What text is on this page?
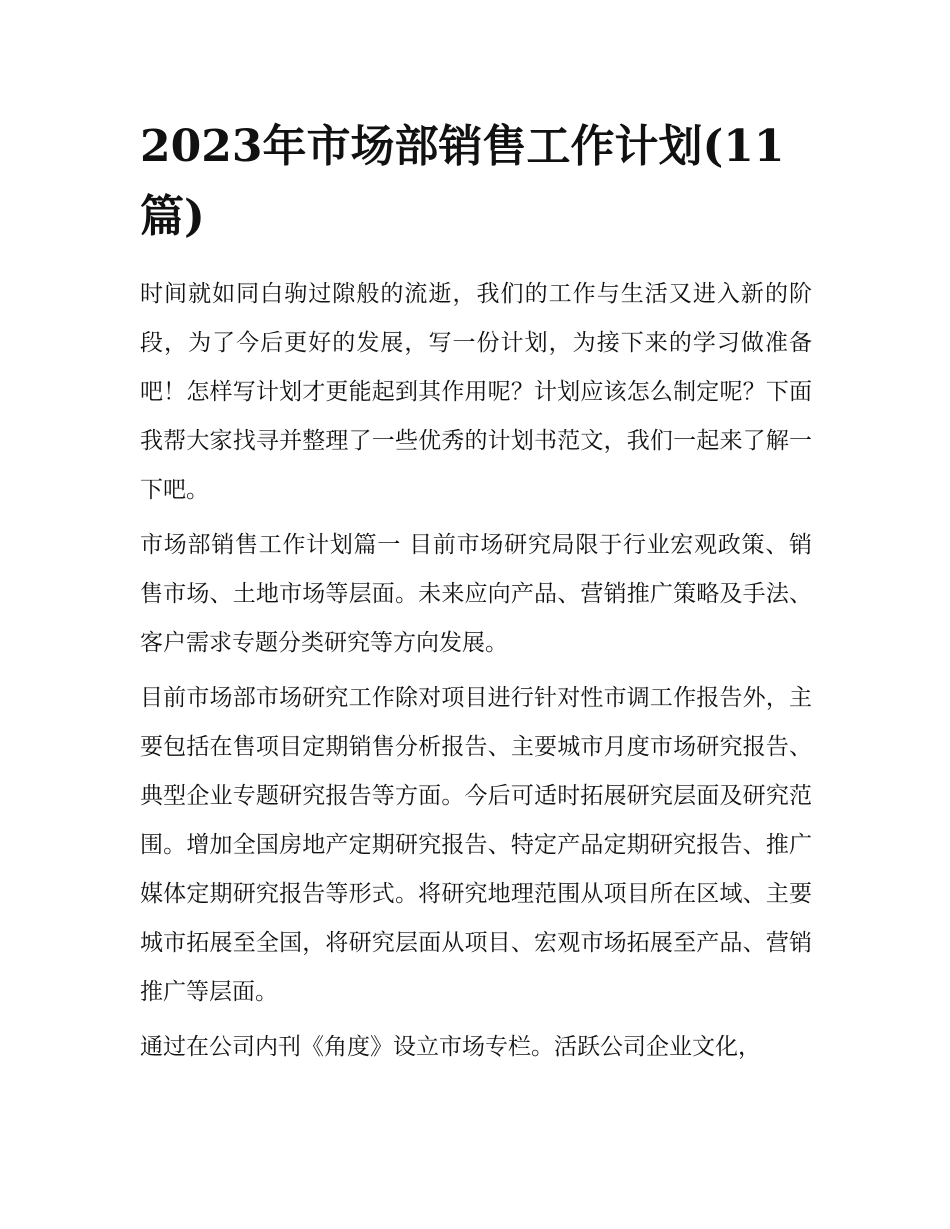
2023年市场部销售工作计划(11篇)

时间就如同白驹过隙般的流逝，我们的工作与生活又进入新的阶段，为了今后更好的发展，写一份计划，为接下来的学习做准备吧！怎样写计划才更能起到其作用呢？计划应该怎么制定呢？下面我帮大家找寻并整理了一些优秀的计划书范文，我们一起来了解一下吧。

市场部销售工作计划篇一 目前市场研究局限于行业宏观政策、销售市场、土地市场等层面。未来应向产品、营销推广策略及手法、客户需求专题分类研究等方向发展。

目前市场部市场研究工作除对项目进行针对性市调工作报告外，主要包括在售项目定期销售分析报告、主要城市月度市场研究报告、典型企业专题研究报告等方面。今后可适时拓展研究层面及研究范围。增加全国房地产定期研究报告、特定产品定期研究报告、推广媒体定期研究报告等形式。将研究地理范围从项目所在区域、主要城市拓展至全国，将研究层面从项目、宏观市场拓展至产品、营销推广等层面。

通过在公司内刊《角度》设立市场专栏。活跃公司企业文化，
